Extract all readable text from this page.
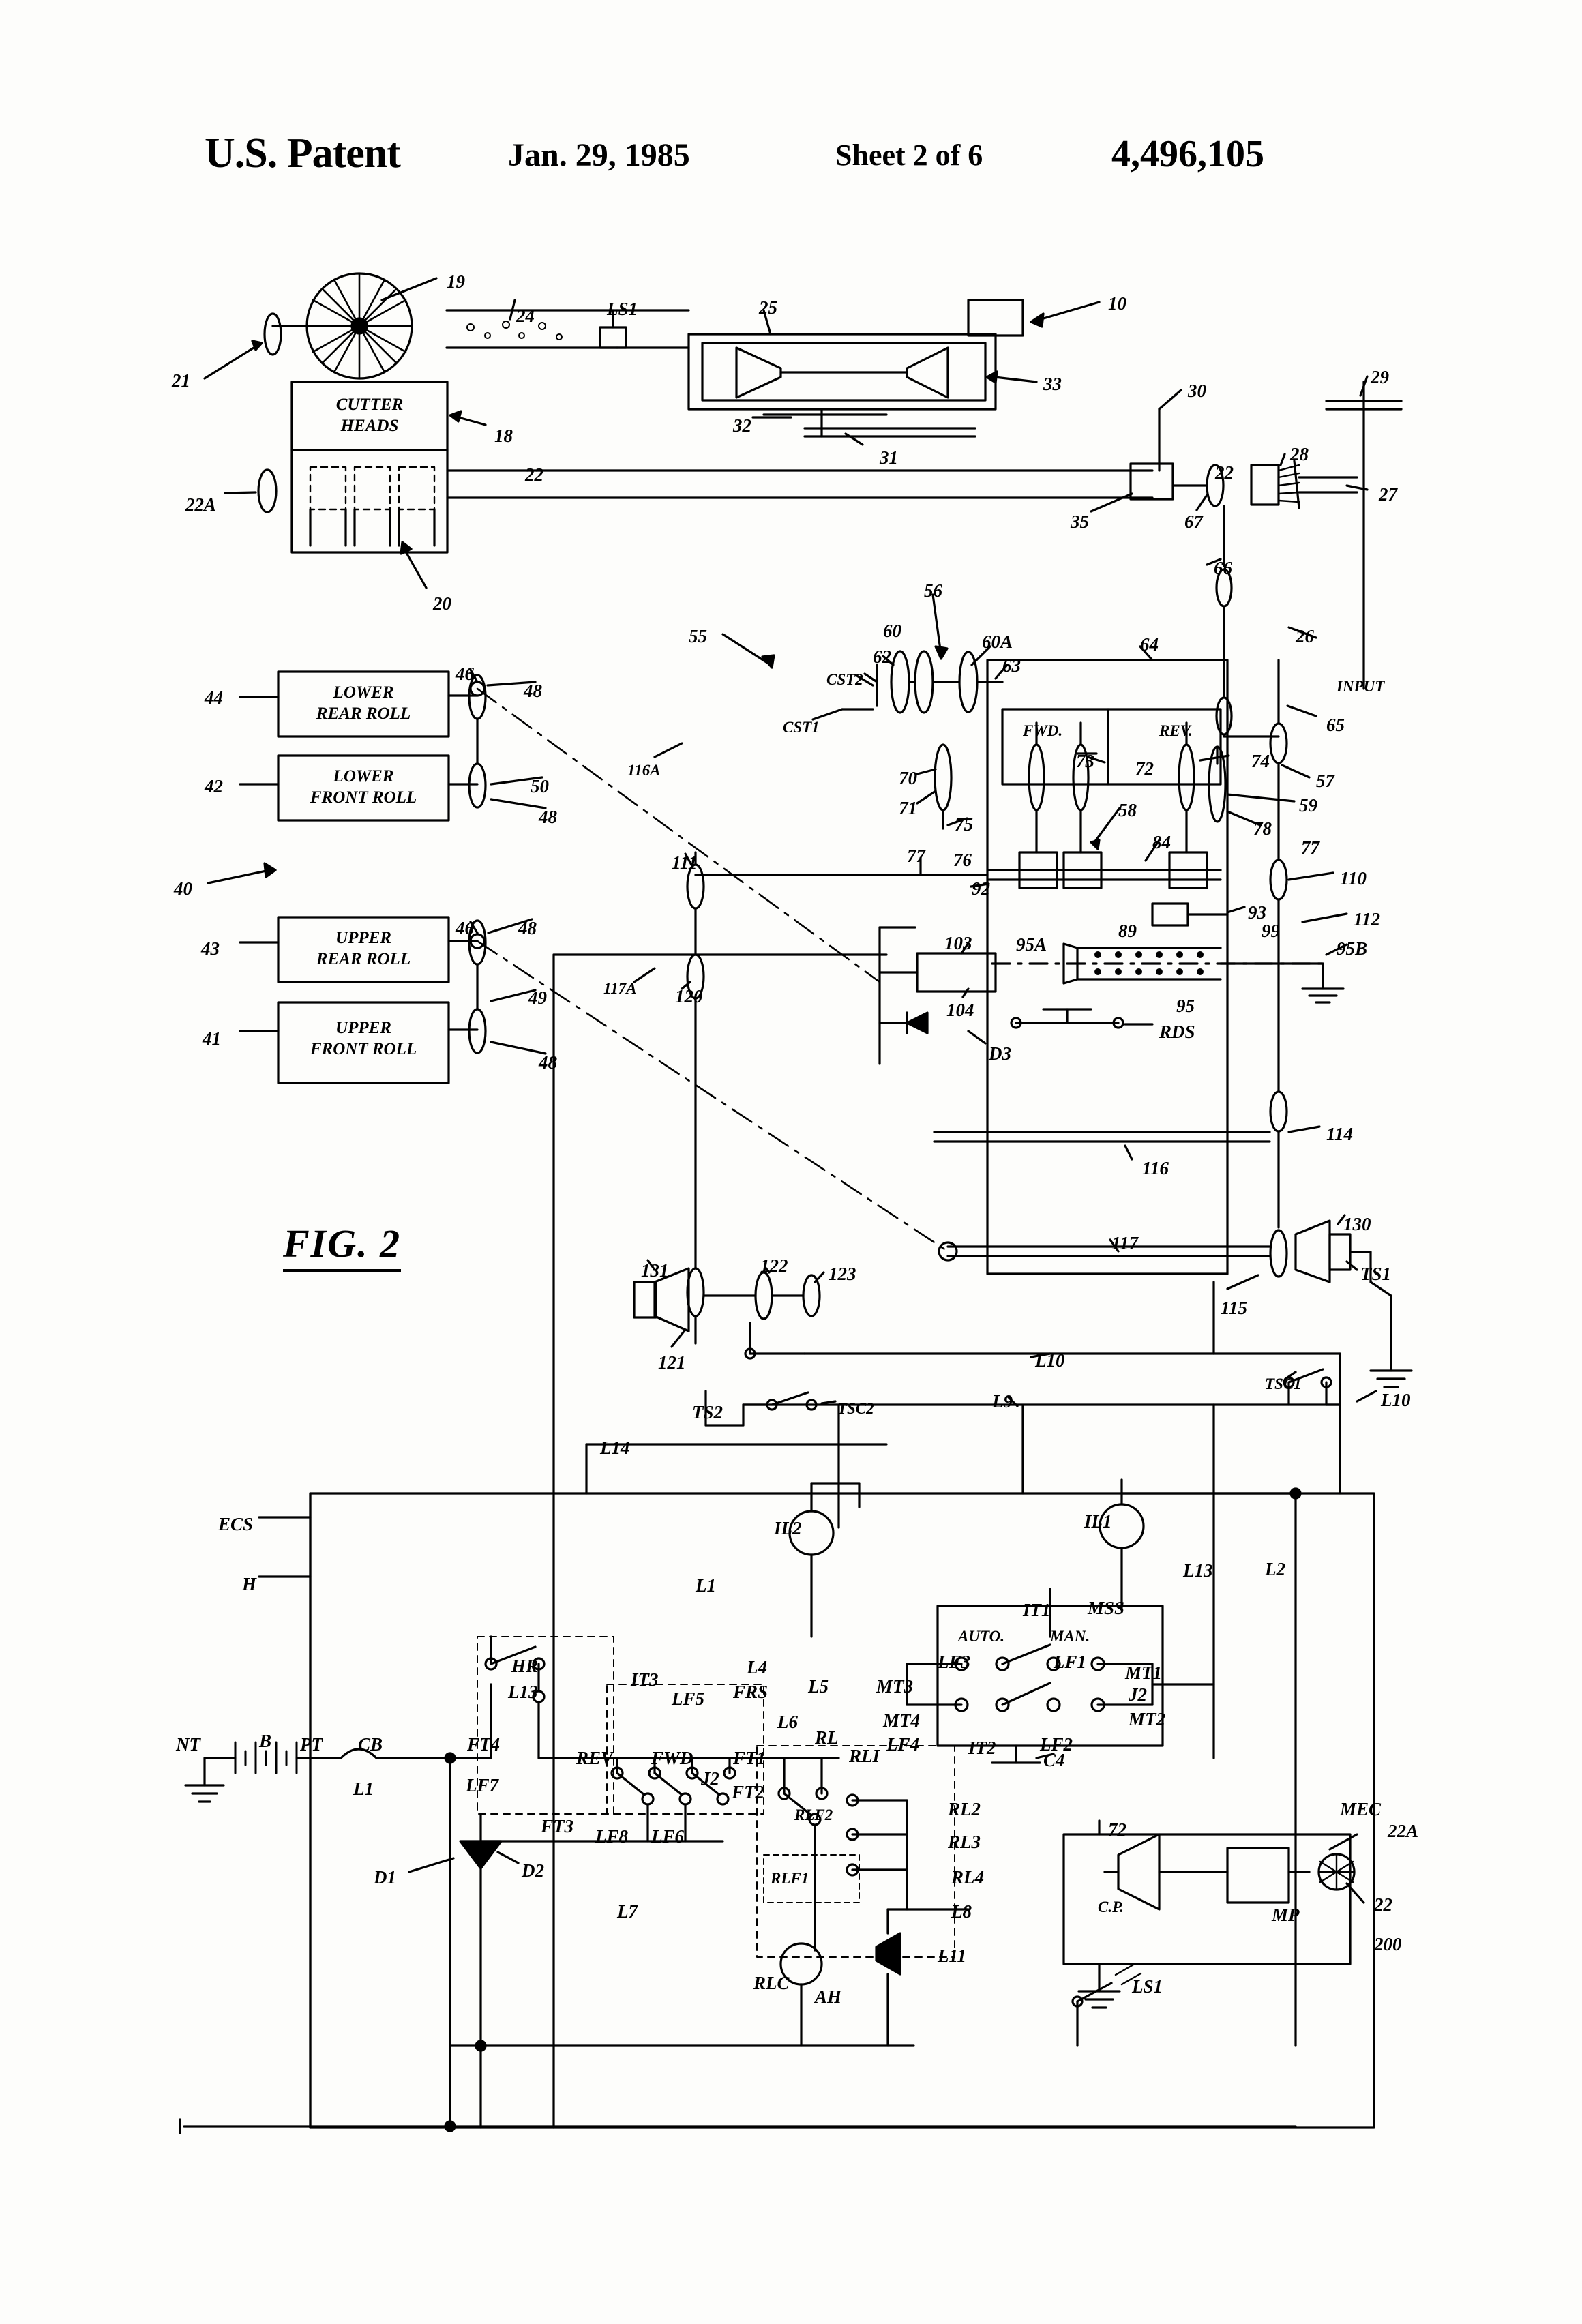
U.S. Patent	Jan. 29, 1985	Sheet 2 of 6	4,496,105
FIG. 2
LOWER
REAR ROLL
LOWER
FRONT ROLL
UPPER
REAR ROLL
UPPER
FRONT ROLL
CUTTER
HEADS
19
24	LS1	25	10
21	33	30
29
32
18
31
22
28
22
27
22A
35	67
66
20
26
56
55	60
60A	64
62	63
CST2	INPUT
44
46
48
CST1	FWD.	REV.	65
116A	73 72	74
42	50	70	57
71	58	59
48	75	78
84
77 76
77
40
111
110
92
46 48
93
43
89	99
112
103 95A	95B
117A 120	95
104
49
41	RDS
D3
48
114
116
130
117
TS1
131	122 123
115
121	L10
TSC1
L10
TS2	TSC2	L9
L14
ECS	IL2	IL1
H	L1
L13	L2
IT1 MSS
AUTO.	MAN.
HR	L4	LF3	LF1
MT1
L13
IT3	L5	MT3	J2
LF5 FRS
MT4	MT2
L6
LF4	IT2 LF2
RL
NT	B PT CB	FT4
REV FWD FT1	RLI	C4
L1	LF7	J2
FT2
RLF2	RL2
FT3 LF8 LF6	RL3
MEC
72	22A
D1	D2	RLF1	RL4
C.P.	MP	22
L7	L8
200
L11
RLC
AH	LS1
